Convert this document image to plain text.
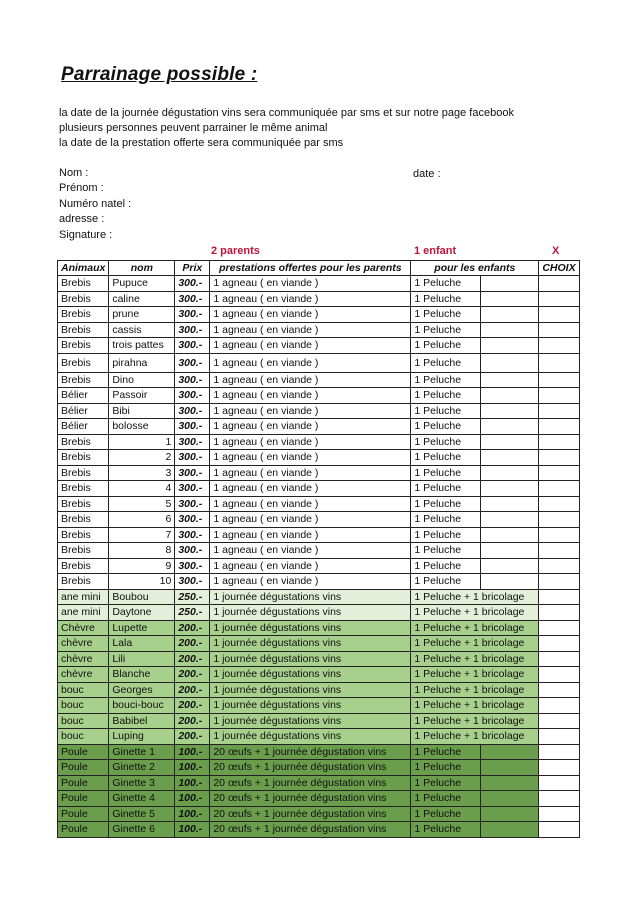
Parrainage possible :
la date de la journée dégustation vins sera communiquée par sms et sur notre page facebook
plusieurs personnes peuvent parrainer le même animal
la date de la prestation offerte sera communiquée par sms
Nom :	date :
Prénom :
Numéro natel :
adresse :
Signature :
2 parents	1 enfant	X
Animaux	nom	Prix	prestations offertes pour les parents	pour les enfants		CHOIX
Brebis	Pupuce	300.-	1 agneau ( en viande )	1 Peluche		
Brebis	caline	300.-	1 agneau ( en viande )	1 Peluche		
Brebis	prune	300.-	1 agneau ( en viande )	1 Peluche		
Brebis	cassis	300.-	1 agneau ( en viande )	1 Peluche		
Brebis	trois pattes	300.-	1 agneau ( en viande )	1 Peluche		
Brebis	pirahna	300.-	1 agneau ( en viande )	1 Peluche		
Brebis	Dino	300.-	1 agneau ( en viande )	1 Peluche		
Bélier	Passoir	300.-	1 agneau ( en viande )	1 Peluche		
Bélier	Bibi	300.-	1 agneau ( en viande )	1 Peluche		
Bélier	bolosse	300.-	1 agneau ( en viande )	1 Peluche		
Brebis	1	300.-	1 agneau ( en viande )	1 Peluche		
Brebis	2	300.-	1 agneau ( en viande )	1 Peluche		
Brebis	3	300.-	1 agneau ( en viande )	1 Peluche		
Brebis	4	300.-	1 agneau ( en viande )	1 Peluche		
Brebis	5	300.-	1 agneau ( en viande )	1 Peluche		
Brebis	6	300.-	1 agneau ( en viande )	1 Peluche		
Brebis	7	300.-	1 agneau ( en viande )	1 Peluche		
Brebis	8	300.-	1 agneau ( en viande )	1 Peluche		
Brebis	9	300.-	1 agneau ( en viande )	1 Peluche		
Brebis	10	300.-	1 agneau ( en viande )	1 Peluche		
ane mini	Boubou	250.-	1 journée dégustations vins	1 Peluche + 1 bricolage		
ane mini	Daytone	250.-	1 journée dégustations vins	1 Peluche + 1 bricolage		
Chèvre	Lupette	200.-	1 journée dégustations vins	1 Peluche + 1 bricolage		
chèvre	Lala	200.-	1 journée dégustations vins	1 Peluche + 1 bricolage		
chèvre	Lili	200.-	1 journée dégustations vins	1 Peluche + 1 bricolage		
chèvre	Blanche	200.-	1 journée dégustations vins	1 Peluche + 1 bricolage		
bouc	Georges	200.-	1 journée dégustations vins	1 Peluche + 1 bricolage		
bouc	bouci-bouc	200.-	1 journée dégustations vins	1 Peluche + 1 bricolage		
bouc	Babibel	200.-	1 journée dégustations vins	1 Peluche + 1 bricolage		
bouc	Luping	200.-	1 journée dégustations vins	1 Peluche + 1 bricolage		
Poule	Ginette 1	100.-	20 œufs + 1 journée dégustation vins	1 Peluche		
Poule	Ginette 2	100.-	20 œufs + 1 journée dégustation vins	1 Peluche		
Poule	Ginette 3	100.-	20 œufs + 1 journée dégustation vins	1 Peluche		
Poule	Ginette 4	100.-	20 œufs + 1 journée dégustation vins	1 Peluche		
Poule	Ginette 5	100.-	20 œufs + 1 journée dégustation vins	1 Peluche		
Poule	Ginette 6	100.-	20 œufs + 1 journée dégustation vins	1 Peluche		
